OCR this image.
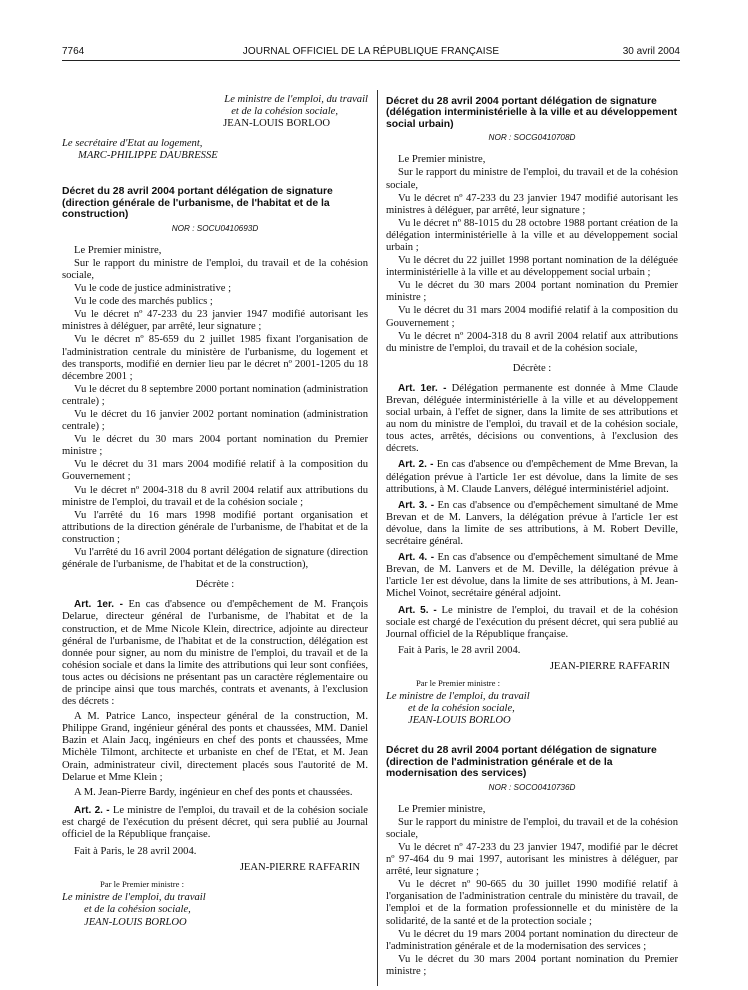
7764	JOURNAL OFFICIEL DE LA RÉPUBLIQUE FRANÇAISE	30 avril 2004

Le ministre de l'emploi, du travail

et de la cohésion sociale,

JEAN-LOUIS BORLOO

Le secrétaire d'Etat au logement,

MARC-PHILIPPE DAUBRESSE

Décret du 28 avril 2004 portant délégation de signature (direction générale de l'urbanisme, de l'habitat et de la construction)

NOR : SOCU0410693D

Le Premier ministre,

Sur le rapport du ministre de l'emploi, du travail et de la cohésion sociale,

Vu le code de justice administrative ;

Vu le code des marchés publics ;

Vu le décret nº 47-233 du 23 janvier 1947 modifié autorisant les ministres à déléguer, par arrêté, leur signature ;

Vu le décret nº 85-659 du 2 juillet 1985 fixant l'organisation de l'administration centrale du ministère de l'urbanisme, du logement et des transports, modifié en dernier lieu par le décret nº 2001-1205 du 18 décembre 2001 ;

Vu le décret du 8 septembre 2000 portant nomination (administration centrale) ;

Vu le décret du 16 janvier 2002 portant nomination (administration centrale) ;

Vu le décret du 30 mars 2004 portant nomination du Premier ministre ;

Vu le décret du 31 mars 2004 modifié relatif à la composition du Gouvernement ;

Vu le décret nº 2004-318 du 8 avril 2004 relatif aux attributions du ministre de l'emploi, du travail et de la cohésion sociale ;

Vu l'arrêté du 16 mars 1998 modifié portant organisation et attributions de la direction générale de l'urbanisme, de l'habitat et de la construction ;

Vu l'arrêté du 16 avril 2004 portant délégation de signature (direction générale de l'urbanisme, de l'habitat et de la construction),

Décrète :

Art. 1er. - En cas d'absence ou d'empêchement de M. François Delarue, directeur général de l'urbanisme, de l'habitat et de la construction, et de Mme Nicole Klein, directrice, adjointe au directeur général de l'urbanisme, de l'habitat et de la construction, délégation est donnée pour signer, au nom du ministre de l'emploi, du travail et de la cohésion sociale et dans la limite des attributions qui leur sont confiées, tous actes ou décisions ne présentant pas un caractère réglementaire ou de principe ainsi que tous marchés, contrats et avenants, à l'exclusion des décrets :

A M. Patrice Lanco, inspecteur général de la construction, M. Philippe Grand, ingénieur général des ponts et chaussées, MM. Daniel Bazin et Alain Jacq, ingénieurs en chef des ponts et chaussées, Mme Michèle Tilmont, architecte et urbaniste en chef de l'Etat, et M. Jean Orain, administrateur civil, directement placés sous l'autorité de M. Delarue et Mme Klein ;

A M. Jean-Pierre Bardy, ingénieur en chef des ponts et chaussées.

Art. 2. - Le ministre de l'emploi, du travail et de la cohésion sociale est chargé de l'exécution du présent décret, qui sera publié au Journal officiel de la République française.

Fait à Paris, le 28 avril 2004.

JEAN-PIERRE RAFFARIN

Par le Premier ministre :

Le ministre de l'emploi, du travail

et de la cohésion sociale,

JEAN-LOUIS BORLOO

Décret du 28 avril 2004 portant délégation de signature (délégation interministérielle à la ville et au développement social urbain)

NOR : SOCG0410708D

Le Premier ministre,

Sur le rapport du ministre de l'emploi, du travail et de la cohésion sociale,

Vu le décret nº 47-233 du 23 janvier 1947 modifié autorisant les ministres à déléguer, par arrêté, leur signature ;

Vu le décret nº 88-1015 du 28 octobre 1988 portant création de la délégation interministérielle à la ville et au développement social urbain ;

Vu le décret du 22 juillet 1998 portant nomination de la déléguée interministérielle à la ville et au développement social urbain ;

Vu le décret du 30 mars 2004 portant nomination du Premier ministre ;

Vu le décret du 31 mars 2004 modifié relatif à la composition du Gouvernement ;

Vu le décret nº 2004-318 du 8 avril 2004 relatif aux attributions du ministre de l'emploi, du travail et de la cohésion sociale,

Décrète :

Art. 1er. - Délégation permanente est donnée à Mme Claude Brevan, déléguée interministérielle à la ville et au développement social urbain, à l'effet de signer, dans la limite de ses attributions et au nom du ministre de l'emploi, du travail et de la cohésion sociale, tous actes, arrêtés, décisions ou conventions, à l'exclusion des décrets.

Art. 2. - En cas d'absence ou d'empêchement de Mme Brevan, la délégation prévue à l'article 1er est dévolue, dans la limite de ses attributions, à M. Claude Lanvers, délégué interministériel adjoint.

Art. 3. - En cas d'absence ou d'empêchement simultané de Mme Brevan et de M. Lanvers, la délégation prévue à l'article 1er est dévolue, dans la limite de ses attributions, à M. Robert Deville, secrétaire général.

Art. 4. - En cas d'absence ou d'empêchement simultané de Mme Brevan, de M. Lanvers et de M. Deville, la délégation prévue à l'article 1er est dévolue, dans la limite de ses attributions, à M. Jean-Michel Voinot, secrétaire général adjoint.

Art. 5. - Le ministre de l'emploi, du travail et de la cohésion sociale est chargé de l'exécution du présent décret, qui sera publié au Journal officiel de la République française.

Fait à Paris, le 28 avril 2004.

JEAN-PIERRE RAFFARIN

Par le Premier ministre :

Le ministre de l'emploi, du travail

et de la cohésion sociale,

JEAN-LOUIS BORLOO

Décret du 28 avril 2004 portant délégation de signature (direction de l'administration générale et de la modernisation des services)

NOR : SOCO0410736D

Le Premier ministre,

Sur le rapport du ministre de l'emploi, du travail et de la cohésion sociale,

Vu le décret nº 47-233 du 23 janvier 1947, modifié par le décret nº 97-464 du 9 mai 1997, autorisant les ministres à déléguer, par arrêté, leur signature ;

Vu le décret nº 90-665 du 30 juillet 1990 modifié relatif à l'organisation de l'administration centrale du ministère du travail, de l'emploi et de la formation professionnelle et du ministère de la solidarité, de la santé et de la protection sociale ;

Vu le décret du 19 mars 2004 portant nomination du directeur de l'administration générale et de la modernisation des services ;

Vu le décret du 30 mars 2004 portant nomination du Premier ministre ;
